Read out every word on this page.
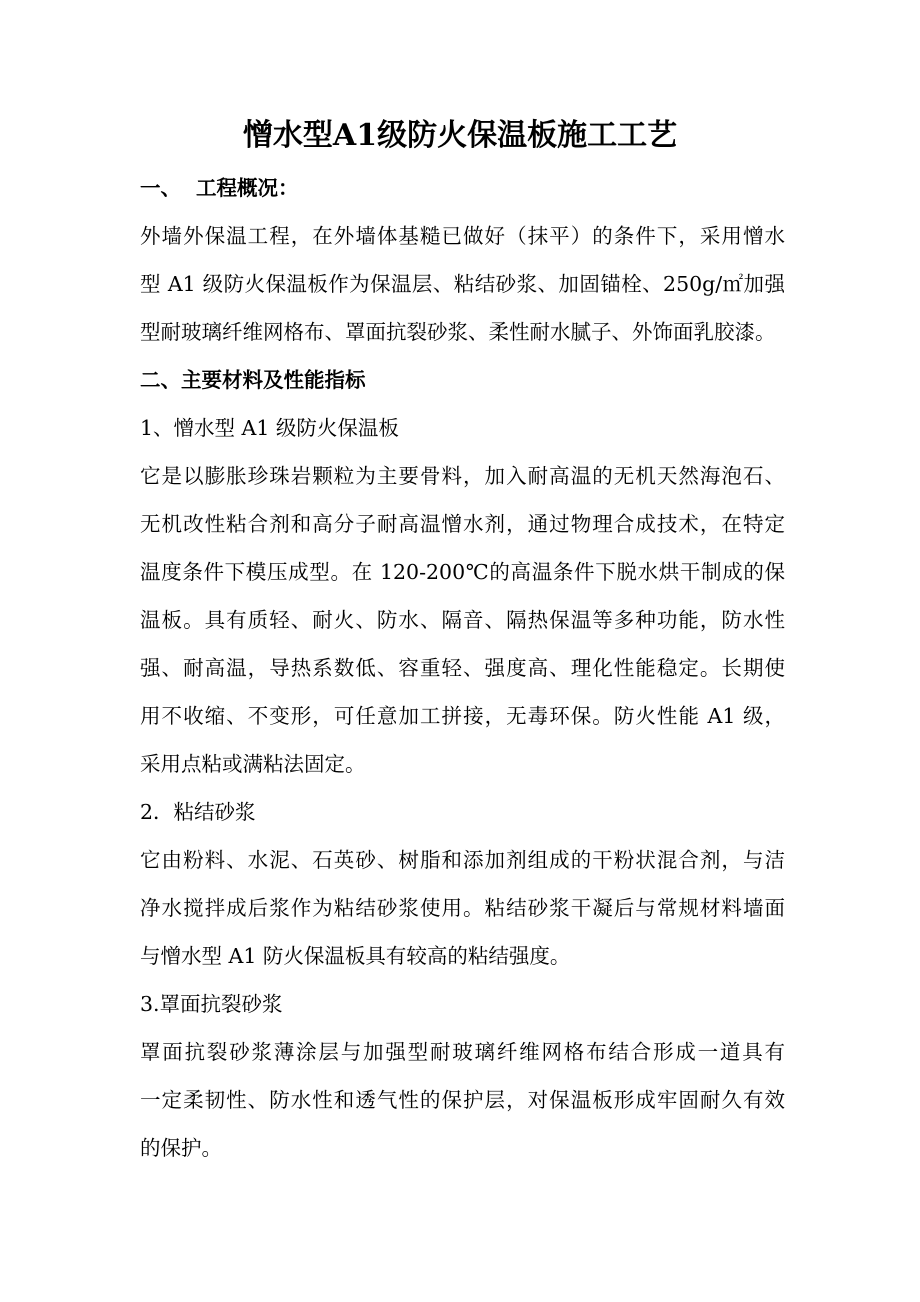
憎水型A1级防火保温板施工工艺
一、 工程概况：
外墙外保温工程，在外墙体基糙已做好（抹平）的条件下，采用憎水
型 A1 级防火保温板作为保温层、粘结砂浆、加固锚栓、250g/㎡加强
型耐玻璃纤维网格布、罩面抗裂砂浆、柔性耐水腻子、外饰面乳胶漆。
二、主要材料及性能指标
1、憎水型 A1 级防火保温板
它是以膨胀珍珠岩颗粒为主要骨料，加入耐高温的无机天然海泡石、
无机改性粘合剂和高分子耐高温憎水剂，通过物理合成技术，在特定
温度条件下模压成型。在 120-200℃的高温条件下脱水烘干制成的保
温板。具有质轻、耐火、防水、隔音、隔热保温等多种功能，防水性
强、耐高温，导热系数低、容重轻、强度高、理化性能稳定。长期使
用不收缩、不变形，可任意加工拼接，无毒环保。防火性能 A1 级，
采用点粘或满粘法固定。
2．粘结砂浆
它由粉料、水泥、石英砂、树脂和添加剂组成的干粉状混合剂，与洁
净水搅拌成后浆作为粘结砂浆使用。粘结砂浆干凝后与常规材料墙面
与憎水型 A1 防火保温板具有较高的粘结强度。
3.罩面抗裂砂浆
罩面抗裂砂浆薄涂层与加强型耐玻璃纤维网格布结合形成一道具有
一定柔韧性、防水性和透气性的保护层，对保温板形成牢固耐久有效
的保护。
